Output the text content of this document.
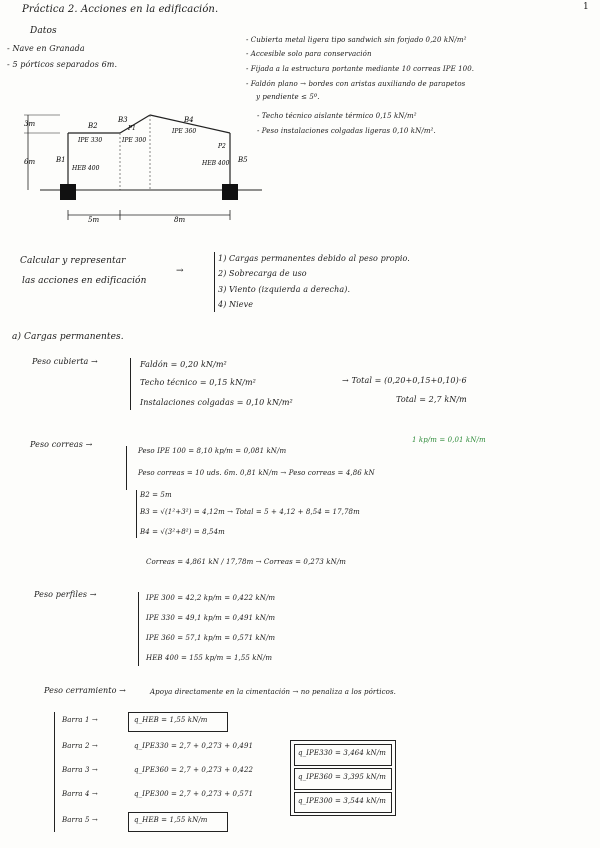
Práctica 2. Acciones en la edificación.	1
Datos
- Nave en Granada
- 5 pórticos separados 6m.
- Cubierta metal ligera tipo sandwich sin forjado 0,20 kN/m²
- Accesible solo para conservación
- Fijada a la estructura portante mediante 10 correas IPE 100.
- Faldón plano → bordes con aristas auxiliando de parapetos
y pendiente ≤ 5º.
- Techo técnico aislante térmico 0,15 kN/m²
- Peso instalaciones colgadas ligeras 0,10 kN/m².
3m
6m	B1
B2
B3	B4
B5
IPE 330
IPE 360
IPE 300
HEB 400
HEB 400
P1
P2
5m	8m
Calcular y representar
las acciones en edificación
→
1) Cargas permanentes debido al peso propio.
2) Sobrecarga de uso
3) Viento (izquierda a derecha).
4) Nieve
a) Cargas permanentes.
Peso cubierta →	Faldón = 0,20 kN/m²
Techo técnico = 0,15 kN/m²
Instalaciones colgadas = 0,10 kN/m²
→ Total = (0,20+0,15+0,10)·6
Total = 2,7 kN/m
Peso correas →	1 kp/m = 0,01 kN/m
Peso IPE 100 = 8,10 kp/m = 0,081 kN/m
Peso correas = 10 uds. 6m. 0,81 kN/m → Peso correas = 4,86 kN
B2 = 5m
B3 = √(1²+3²) = 4,12m → Total = 5 + 4,12 + 8,54 = 17,78m
B4 = √(3²+8²) = 8,54m
Correas = 4,861 kN / 17,78m → Correas = 0,273 kN/m
Peso perfiles →	IPE 300 = 42,2 kp/m = 0,422 kN/m
IPE 330 = 49,1 kp/m = 0,491 kN/m
IPE 360 = 57,1 kp/m = 0,571 kN/m
HEB 400 = 155 kp/m = 1,55 kN/m
Peso cerramiento →	Apoya directamente en la cimentación → no penaliza a los pórticos.
Barra 1 →	q_HEB = 1,55 kN/m
Barra 2 →	q_IPE330 = 2,7 + 0,273 + 0,491
Barra 3 →	q_IPE360 = 2,7 + 0,273 + 0,422
Barra 4 →	q_IPE300 = 2,7 + 0,273 + 0,571
Barra 5 →	q_HEB = 1,55 kN/m
q_IPE330 = 3,464 kN/m
q_IPE360 = 3,395 kN/m
q_IPE300 = 3,544 kN/m
